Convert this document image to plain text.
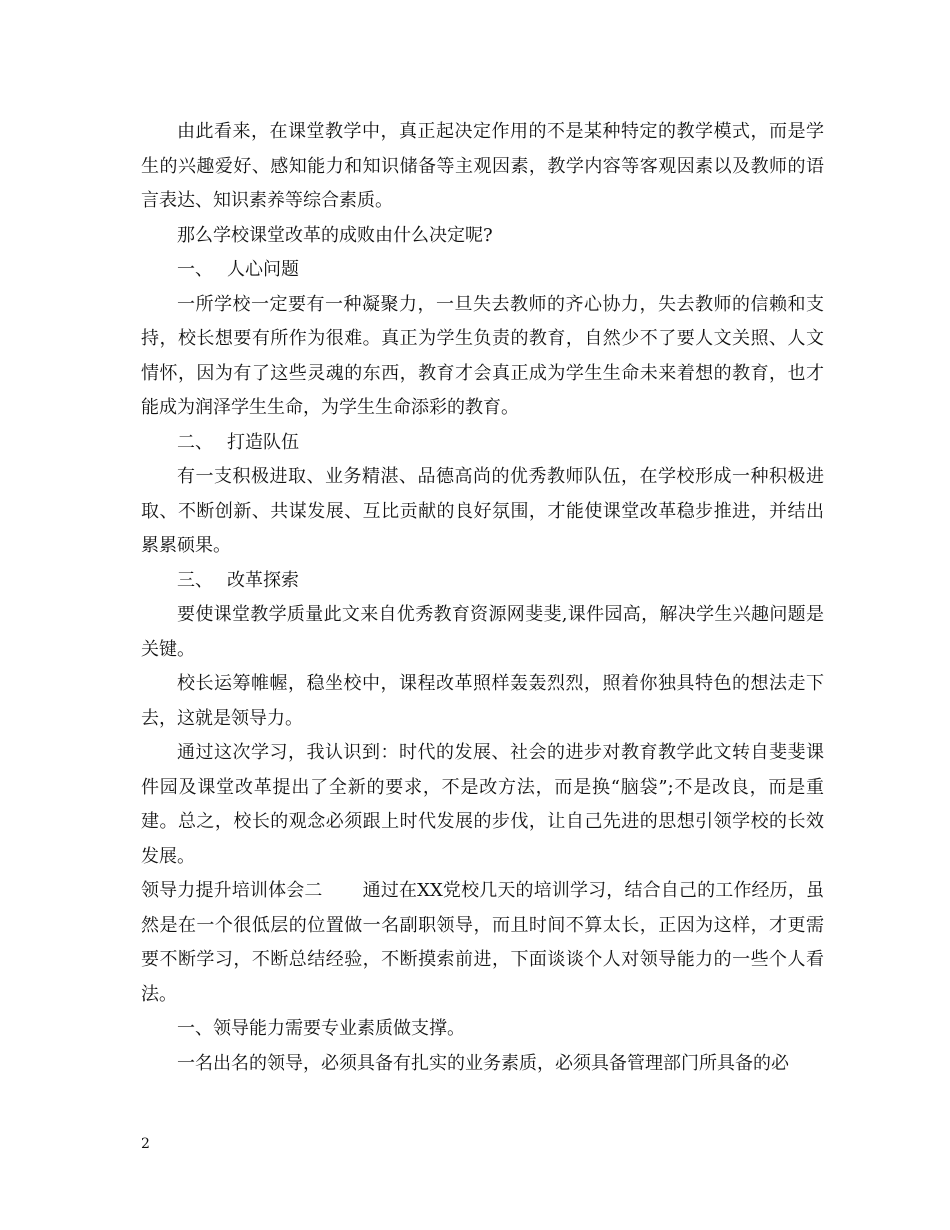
由此看来，在课堂教学中，真正起决定作用的不是某种特定的教学模式，而是学生的兴趣爱好、感知能力和知识储备等主观因素，教学内容等客观因素以及教师的语言表达、知识素养等综合素质。

那么学校课堂改革的成败由什么决定呢?

一、 人心问题

一所学校一定要有一种凝聚力，一旦失去教师的齐心协力，失去教师的信赖和支持，校长想要有所作为很难。真正为学生负责的教育，自然少不了要人文关照、人文情怀，因为有了这些灵魂的东西，教育才会真正成为学生生命未来着想的教育，也才能成为润泽学生生命，为学生生命添彩的教育。

二、 打造队伍

有一支积极进取、业务精湛、品德高尚的优秀教师队伍，在学校形成一种积极进取、不断创新、共谋发展、互比贡献的良好氛围，才能使课堂改革稳步推进，并结出累累硕果。

三、 改革探索

要使课堂教学质量此文来自优秀教育资源网斐斐,课件园高，解决学生兴趣问题是关键。

校长运筹帷幄，稳坐校中，课程改革照样轰轰烈烈，照着你独具特色的想法走下去，这就是领导力。

通过这次学习，我认识到：时代的发展、社会的进步对教育教学此文转自斐斐课件园及课堂改革提出了全新的要求，不是改方法，而是换“脑袋”;不是改良，而是重建。总之，校长的观念必须跟上时代发展的步伐，让自己先进的思想引领学校的长效发展。

领导力提升培训体会二 通过在XX党校几天的培训学习，结合自己的工作经历，虽然是在一个很低层的位置做一名副职领导，而且时间不算太长，正因为这样，才更需要不断学习，不断总结经验，不断摸索前进，下面谈谈个人对领导能力的一些个人看法。

一、领导能力需要专业素质做支撑。

一名出名的领导，必须具备有扎实的业务素质，必须具备管理部门所具备的必

2
